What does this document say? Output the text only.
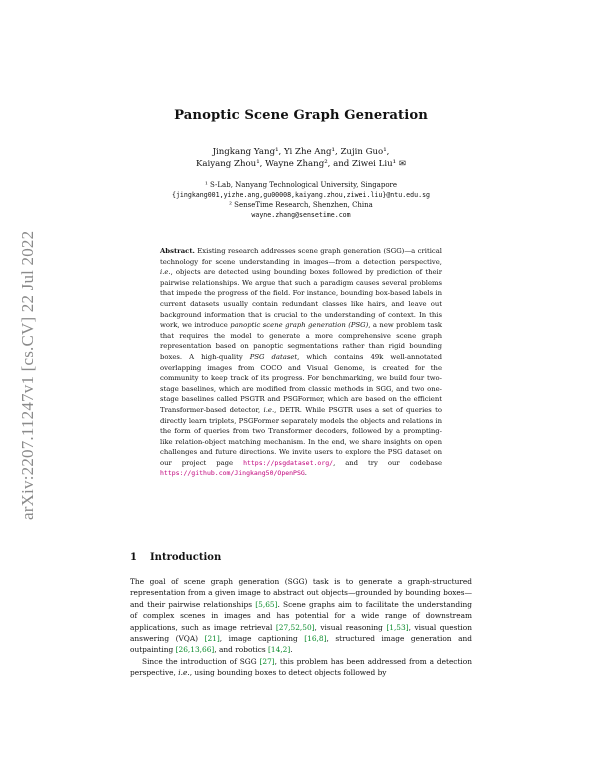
arXiv:2207.11247v1 [cs.CV] 22 Jul 2022
Panoptic Scene Graph Generation
Jingkang Yang¹, Yi Zhe Ang¹, Zujin Guo¹,
Kaiyang Zhou¹, Wayne Zhang², and Ziwei Liu¹ ✉
¹ S-Lab, Nanyang Technological University, Singapore
{jingkang001,yizhe.ang,gu00008,kaiyang.zhou,ziwei.liu}@ntu.edu.sg
² SenseTime Research, Shenzhen, China
wayne.zhang@sensetime.com
Abstract. Existing research addresses scene graph generation (SGG)—a critical technology for scene understanding in images—from a detection perspective, i.e., objects are detected using bounding boxes followed by prediction of their pairwise relationships. We argue that such a paradigm causes several problems that impede the progress of the field. For instance, bounding box-based labels in current datasets usually contain redundant classes like hairs, and leave out background information that is crucial to the understanding of context. In this work, we introduce panoptic scene graph generation (PSG), a new problem task that requires the model to generate a more comprehensive scene graph representation based on panoptic segmentations rather than rigid bounding boxes. A high-quality PSG dataset, which contains 49k well-annotated overlapping images from COCO and Visual Genome, is created for the community to keep track of its progress. For benchmarking, we build four two-stage baselines, which are modified from classic methods in SGG, and two one-stage baselines called PSGTR and PSGFormer, which are based on the efficient Transformer-based detector, i.e., DETR. While PSGTR uses a set of queries to directly learn triplets, PSGFormer separately models the objects and relations in the form of queries from two Transformer decoders, followed by a prompting-like relation-object matching mechanism. In the end, we share insights on open challenges and future directions. We invite users to explore the PSG dataset on our project page https://psgdataset.org/, and try our codebase https://github.com/Jingkang50/OpenPSG.
1 Introduction

The goal of scene graph generation (SGG) task is to generate a graph-structured representation from a given image to abstract out objects—grounded by bounding boxes—and their pairwise relationships [5,65]. Scene graphs aim to facilitate the understanding of complex scenes in images and has potential for a wide range of downstream applications, such as image retrieval [27,52,50], visual reasoning [1,53], visual question answering (VQA) [21], image captioning [16,8], structured image generation and outpainting [26,13,66], and robotics [14,2].

Since the introduction of SGG [27], this problem has been addressed from a detection perspective, i.e., using bounding boxes to detect objects followed by
